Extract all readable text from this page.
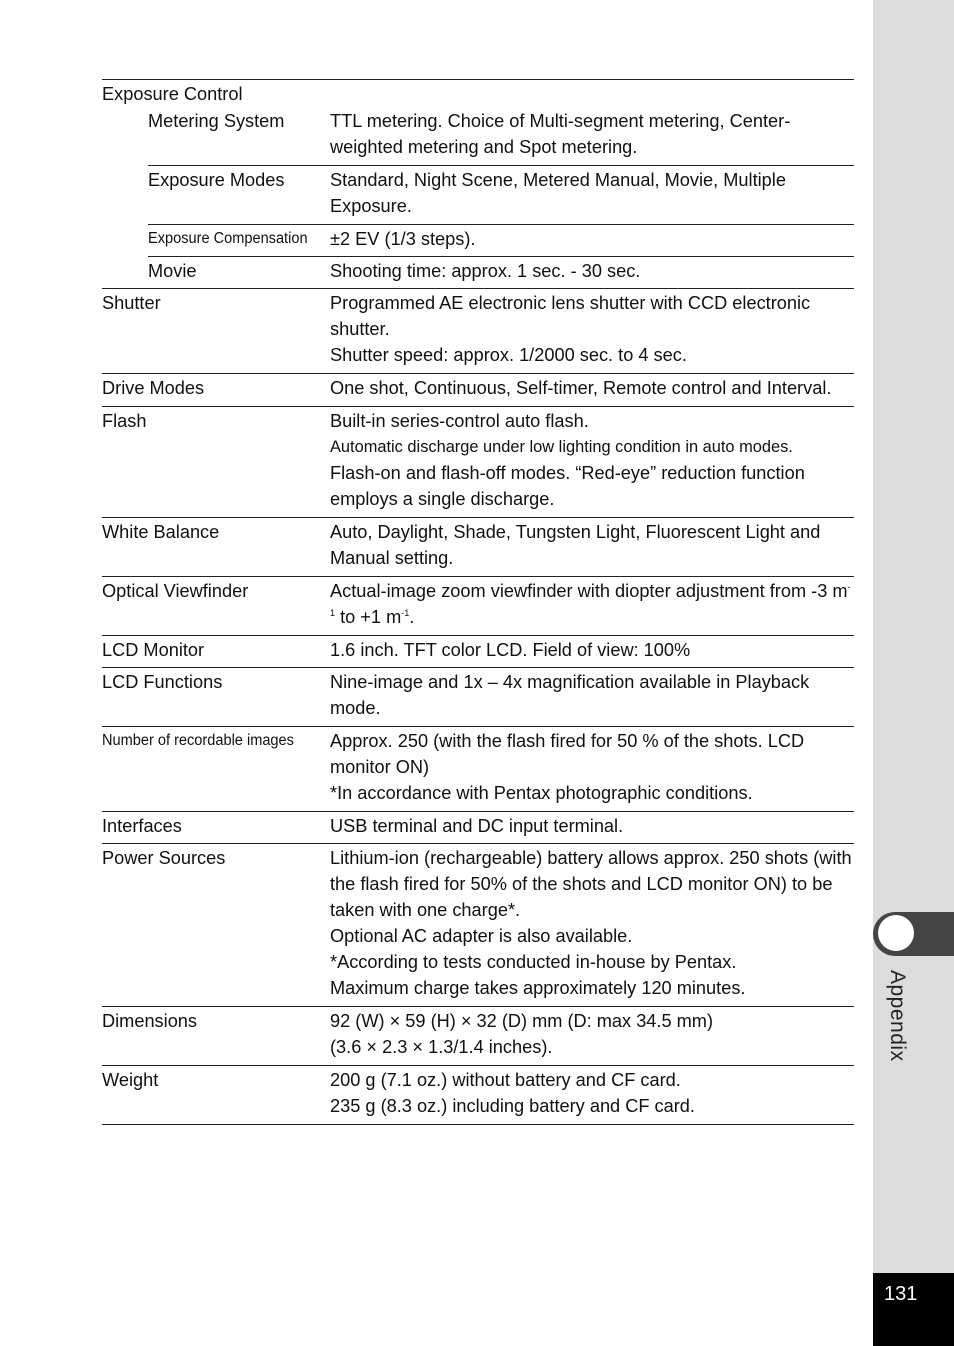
Appendix
131
Exposure Control
Metering System	TTL metering. Choice of Multi-segment metering, Center-weighted metering and Spot metering.
Exposure Modes	Standard, Night Scene, Metered Manual, Movie, Multiple Exposure.
Exposure Compensation	±2 EV (1/3 steps).
Movie	Shooting time: approx. 1 sec. - 30 sec.
Shutter	Programmed AE electronic lens shutter with CCD electronic shutter.

Shutter speed: approx. 1/2000 sec. to 4 sec.

Drive Modes	One shot, Continuous, Self-timer, Remote control and Interval.
Flash	Built-in series-control auto flash.

Automatic discharge under low lighting condition in auto modes.

Flash-on and flash-off modes. “Red-eye” reduction function employs a single discharge.

White Balance	Auto, Daylight, Shade, Tungsten Light, Fluorescent Light and Manual setting.
Optical Viewfinder	Actual-image zoom viewfinder with diopter adjustment from -3 $m^{-1}$ to +1 $m^{-1}$.
LCD Monitor	1.6 inch. TFT color LCD. Field of view: 100%
LCD Functions	Nine-image and 1x – 4x magnification available in Playback mode.
Number of recordable images	Approx. 250 (with the flash fired for 50 % of the shots. LCD monitor ON)

*In accordance with Pentax photographic conditions.

Interfaces	USB terminal and DC input terminal.
Power Sources	Lithium-ion (rechargeable) battery allows approx. 250 shots (with the flash fired for 50% of the shots and LCD monitor ON) to be taken with one charge*.

Optional AC adapter is also available.

*According to tests conducted in-house by Pentax.

Maximum charge takes approximately 120 minutes.

Dimensions	92 (W) × 59 (H) × 32 (D) mm (D: max 34.5 mm)

(3.6 × 2.3 × 1.3/1.4 inches).

Weight	200 g (7.1 oz.) without battery and CF card.

235 g (8.3 oz.) including battery and CF card.
